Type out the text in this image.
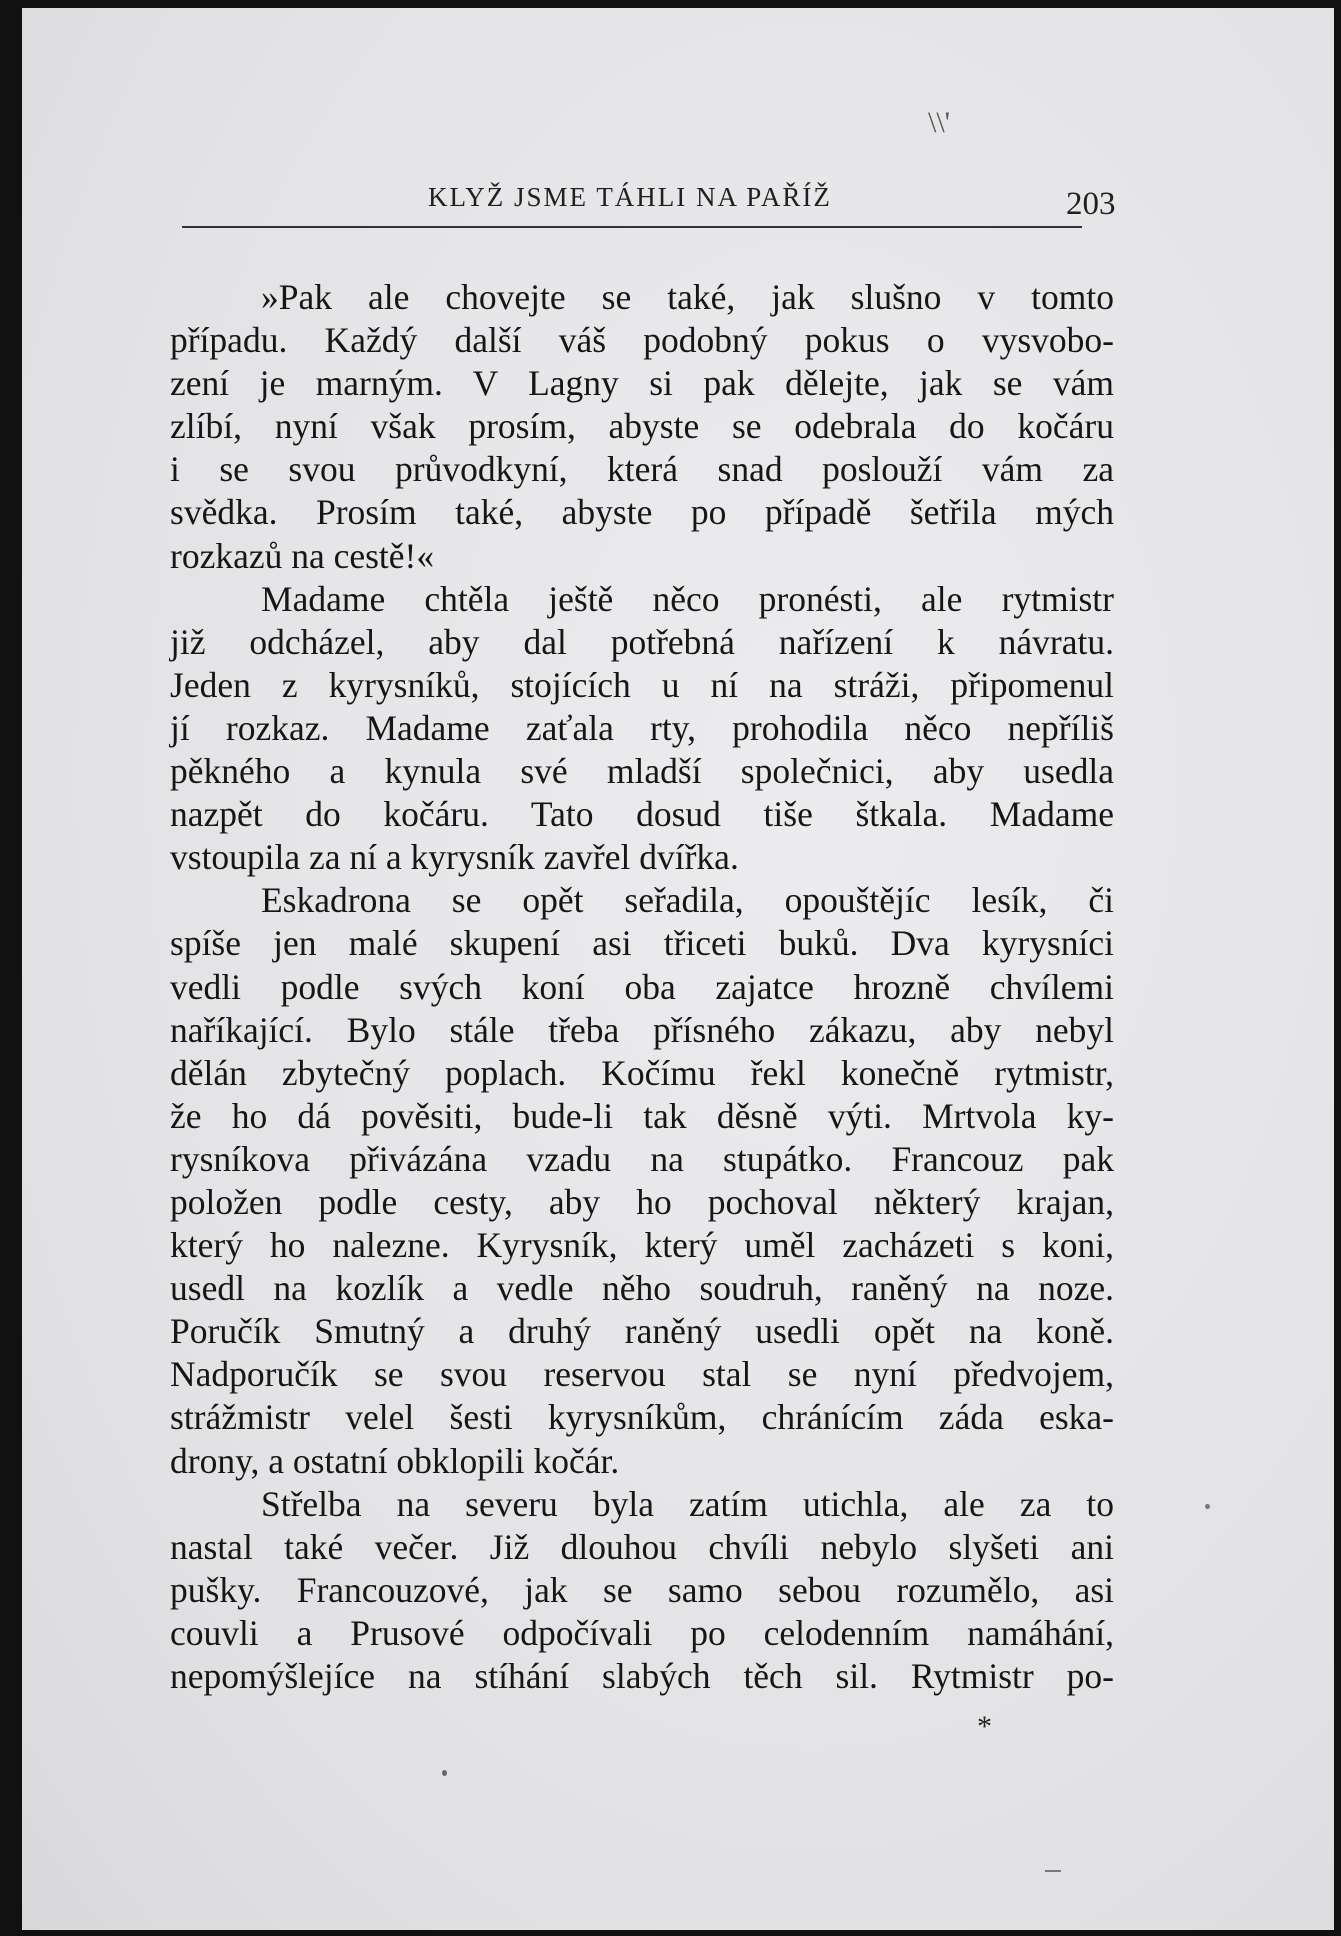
\\'
KLYŽ JSME TÁHLI NA PAŘÍŽ	203
»Pak ale chovejte se také, jak slušno v tomto
případu. Každý další váš podobný pokus o vysvobo-
zení je marným. V Lagny si pak dělejte, jak se vám
zlíbí, nyní však prosím, abyste se odebrala do kočáru
i se svou průvodkyní, která snad poslouží vám za
svědka. Prosím také, abyste po případě šetřila mých
rozkazů na cestě!«
Madame chtěla ještě něco pronésti, ale rytmistr
již odcházel, aby dal potřebná nařízení k návratu.
Jeden z kyrysníků, stojících u ní na stráži, připomenul
jí rozkaz. Madame zaťala rty, prohodila něco nepříliš
pěkného a kynula své mladší společnici, aby usedla
nazpět do kočáru. Tato dosud tiše štkala. Madame
vstoupila za ní a kyrysník zavřel dvířka.
Eskadrona se opět seřadila, opouštějíc lesík, či
spíše jen malé skupení asi třiceti buků. Dva kyrysníci
vedli podle svých koní oba zajatce hrozně chvílemi
naříkající. Bylo stále třeba přísného zákazu, aby nebyl
dělán zbytečný poplach. Kočímu řekl konečně rytmistr,
že ho dá pověsiti, bude-li tak děsně výti. Mrtvola ky-
rysníkova přivázána vzadu na stupátko. Francouz pak
položen podle cesty, aby ho pochoval některý krajan,
který ho nalezne. Kyrysník, který uměl zacházeti s koni,
usedl na kozlík a vedle něho soudruh, raněný na noze.
Poručík Smutný a druhý raněný usedli opět na koně.
Nadporučík se svou reservou stal se nyní předvojem,
strážmistr velel šesti kyrysníkům, chránícím záda eska-
drony, a ostatní obklopili kočár.
Střelba na severu byla zatím utichla, ale za to
nastal také večer. Již dlouhou chvíli nebylo slyšeti ani
pušky. Francouzové, jak se samo sebou rozumělo, asi
couvli a Prusové odpočívali po celodenním namáhání,
nepomýšlejíce na stíhání slabých těch sil. Rytmistr po-
*
